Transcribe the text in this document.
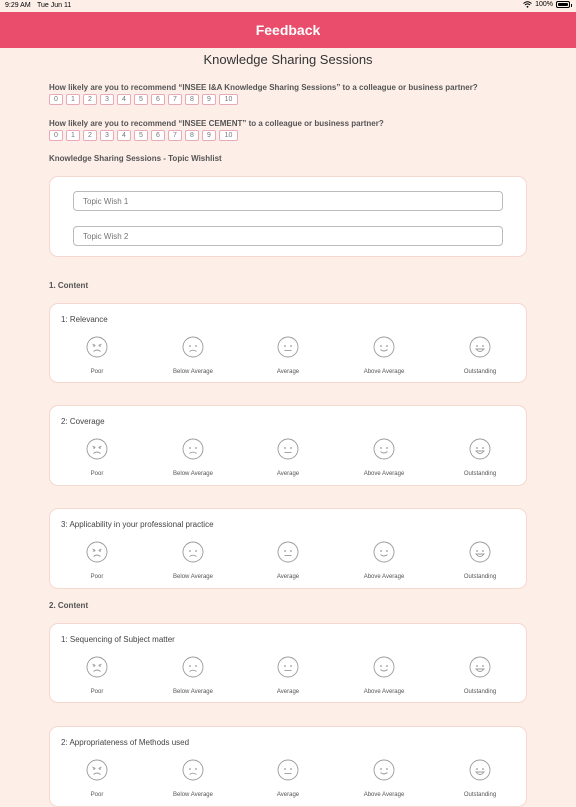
9:29 AM Tue Jun 11	100%
Feedback
Knowledge Sharing Sessions
How likely are you to recommend “INSEE I&A Knowledge Sharing Sessions” to a colleague or business partner?
0	1	2	3	4	5	6	7	8	9	10
How likely are you to recommend “INSEE CEMENT” to a colleague or business partner?
0	1	2	3	4	5	6	7	8	9	10
Knowledge Sharing Sessions - Topic Wishlist
Topic Wish 1
Topic Wish 2
1. Content
1: Relevance
Poor	Below Average	Average	Above Average	Outstanding
2: Coverage
Poor	Below Average	Average	Above Average	Outstanding
3: Applicability in your professional practice
Poor	Below Average	Average	Above Average	Outstanding
2. Content
1: Sequencing of Subject matter
Poor	Below Average	Average	Above Average	Outstanding
2: Appropriateness of Methods used
Poor	Below Average	Average	Above Average	Outstanding
